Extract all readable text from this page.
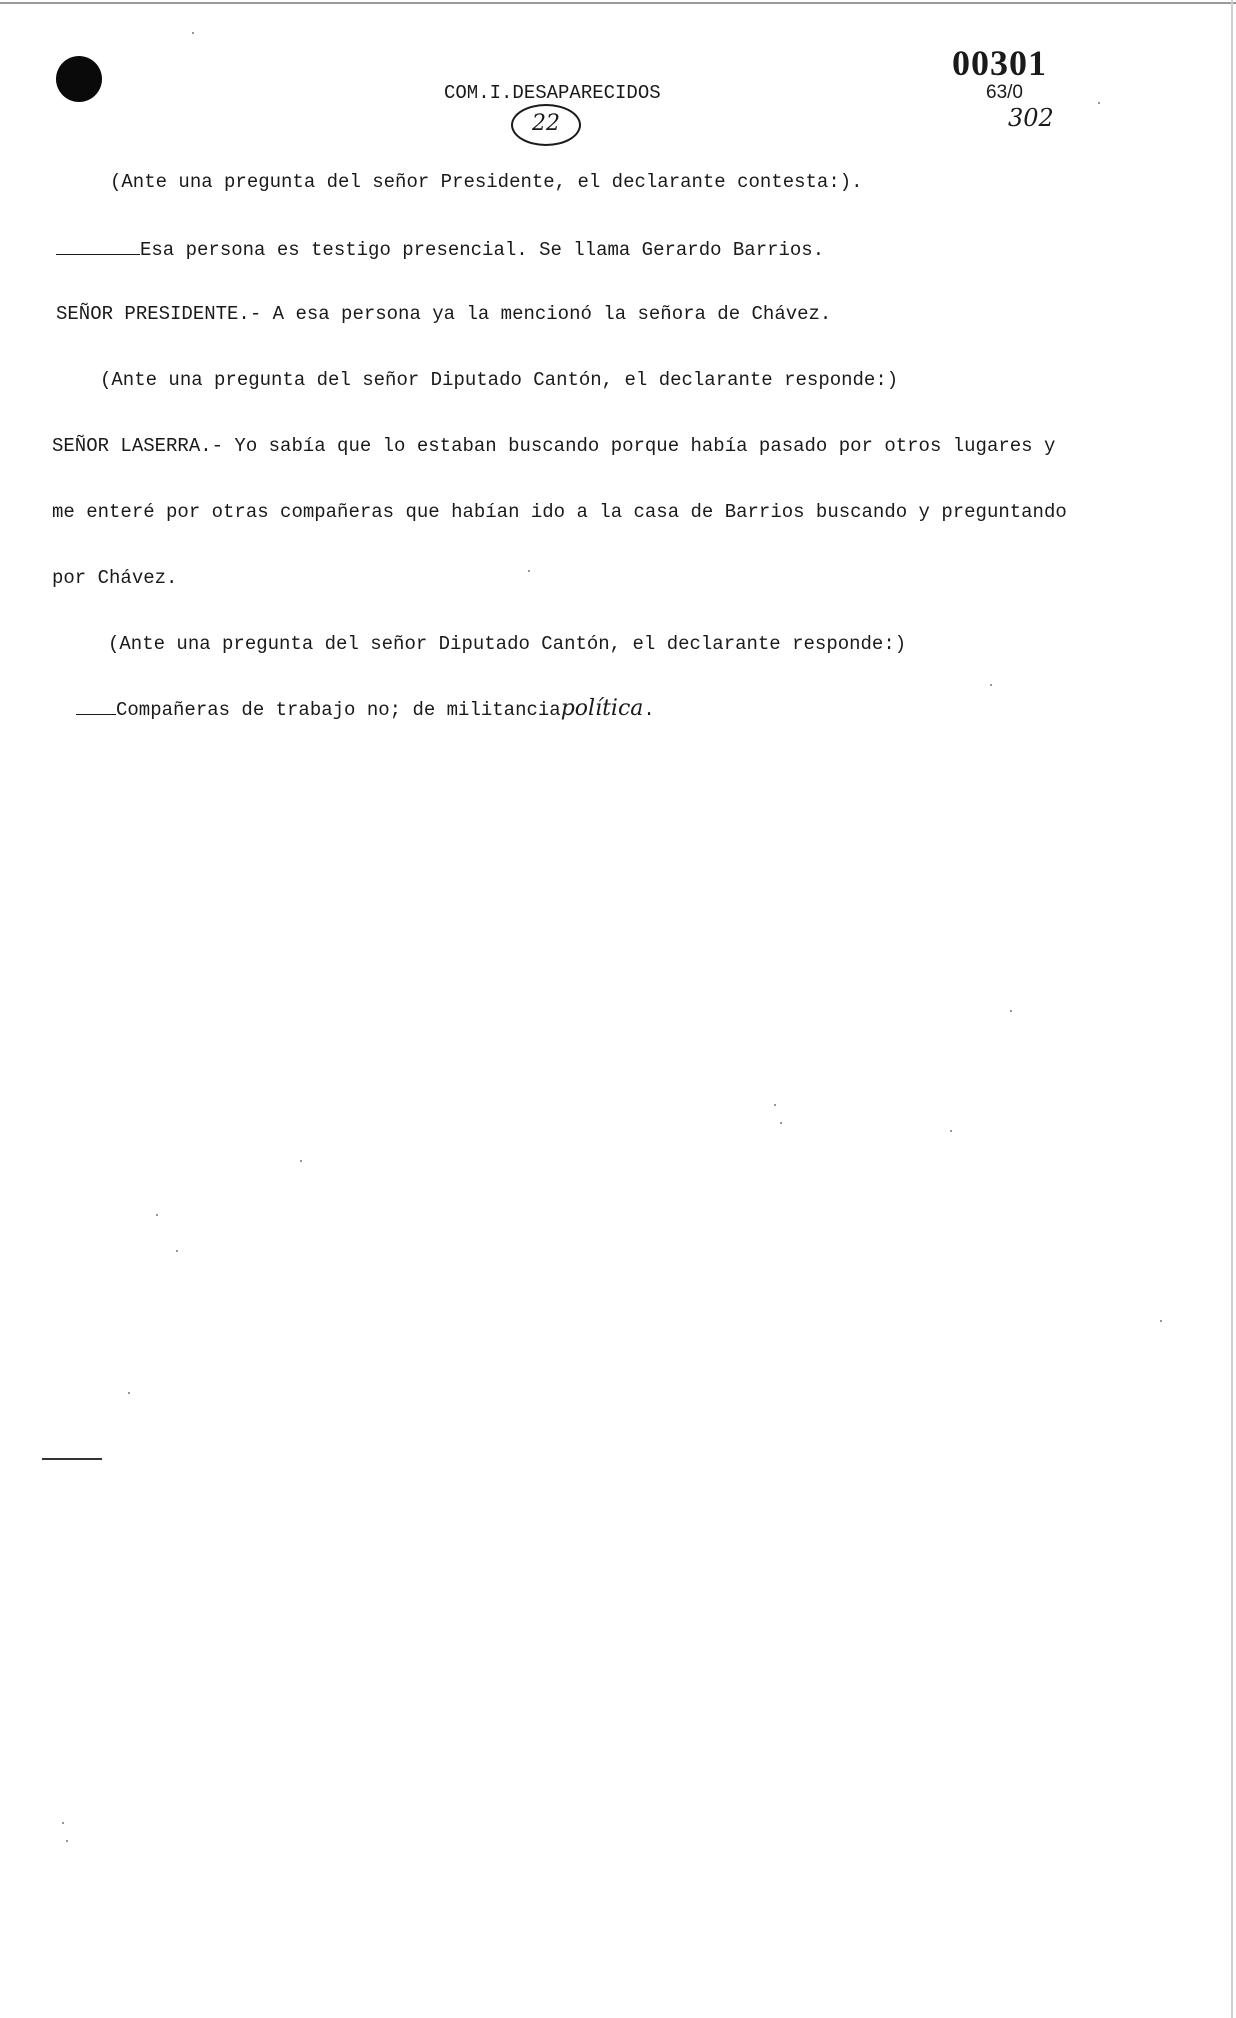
COM.I.DESAPARECIDOS
22
00301
63/0
302
(Ante una pregunta del señor Presidente, el declarante contesta:).
Esa persona es testigo presencial. Se llama Gerardo Barrios.
SEÑOR PRESIDENTE.- A esa persona ya la mencionó la señora de Chávez.
(Ante una pregunta del señor Diputado Cantón, el declarante responde:)
SEÑOR LASERRA.- Yo sabía que lo estaban buscando porque había pasado por otros lugares y
me enteré por otras compañeras que habían ido a la casa de Barrios buscando y preguntando
por Chávez.
(Ante una pregunta del señor Diputado Cantón, el declarante responde:)
Compañeras de trabajo no; de militanciapolítica.
